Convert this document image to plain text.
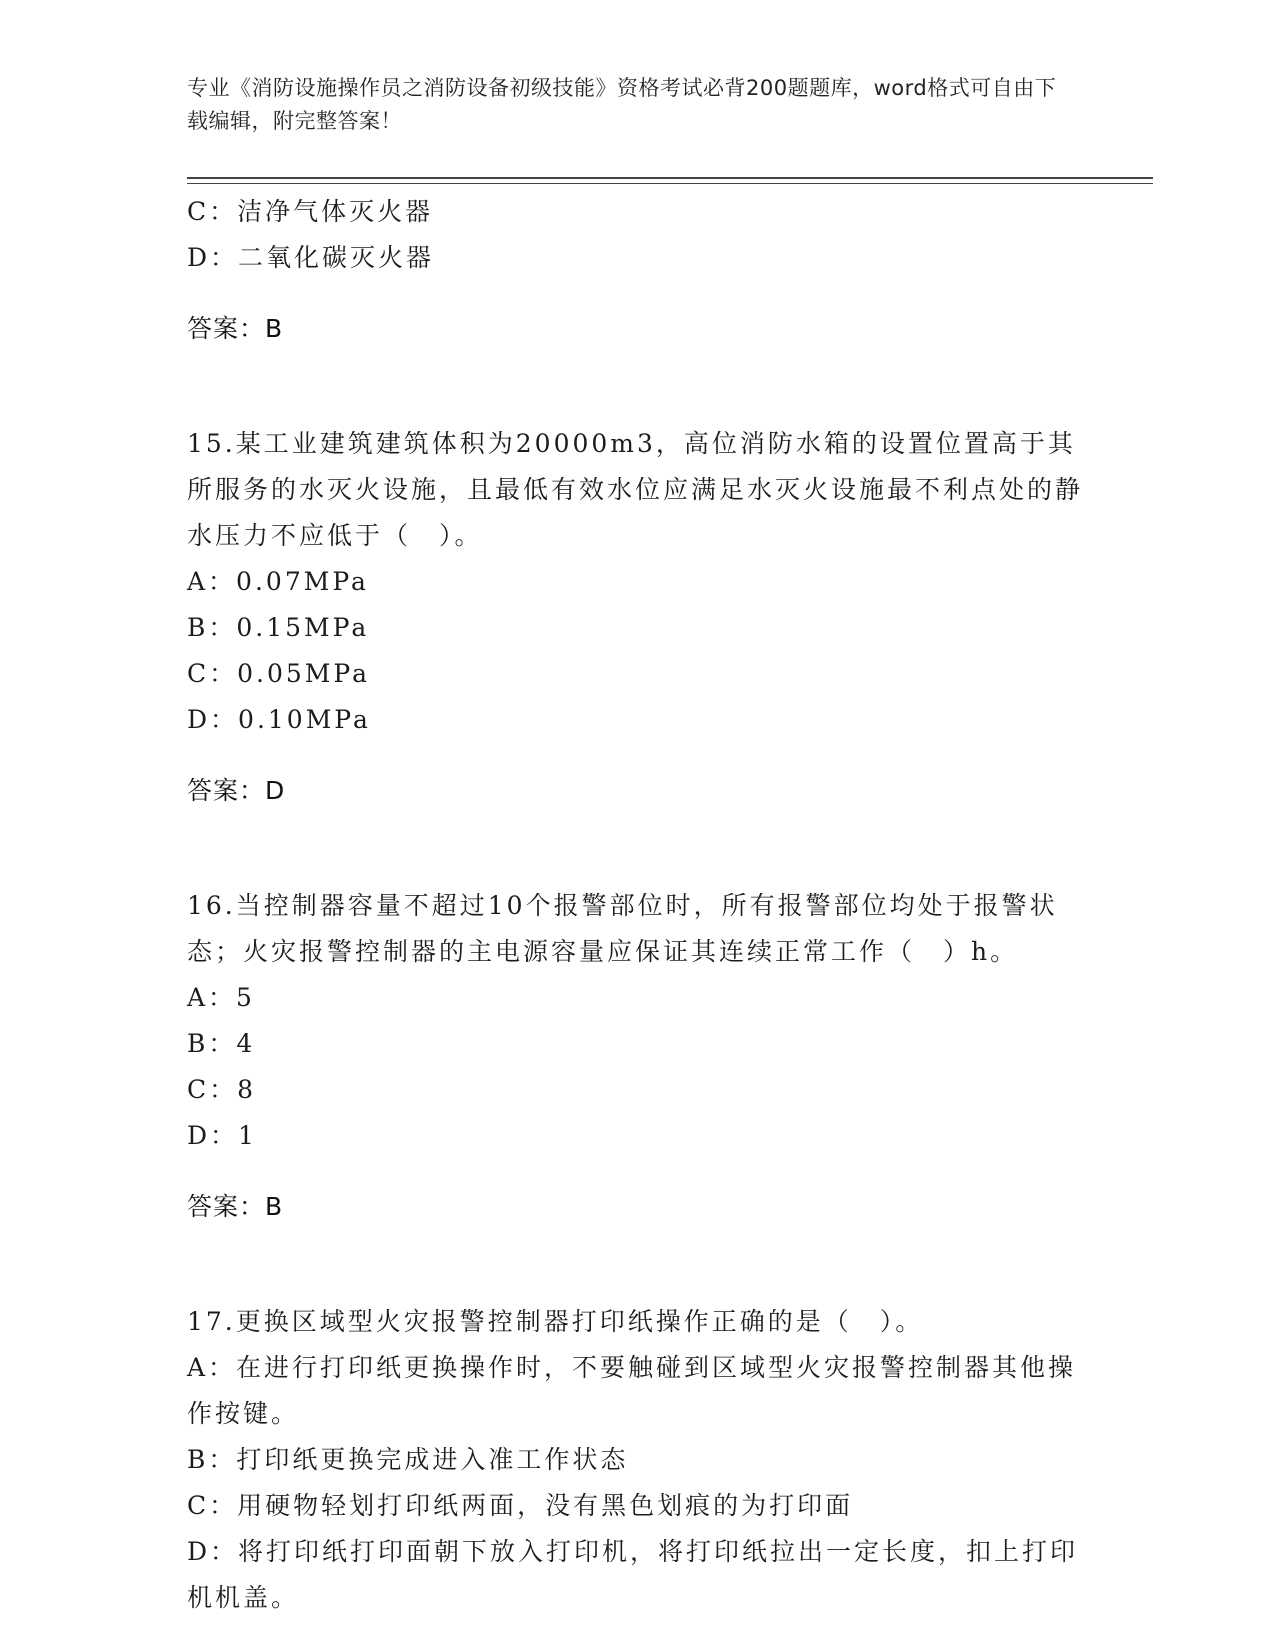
专业《消防设施操作员之消防设备初级技能》资格考试必背200题题库，word格式可自由下载编辑，附完整答案！

C：洁净气体灭火器

D：二氧化碳灭火器

答案：B

15.某工业建筑建筑体积为20000m3，高位消防水箱的设置位置高于其所服务的水灭火设施，且最低有效水位应满足水灭火设施最不利点处的静水压力不应低于（　）。

A：0.07MPa

B：0.15MPa

C：0.05MPa

D：0.10MPa

答案：D

16.当控制器容量不超过10个报警部位时，所有报警部位均处于报警状态；火灾报警控制器的主电源容量应保证其连续正常工作（　）h。

A：5

B：4

C：8

D：1

答案：B

17.更换区域型火灾报警控制器打印纸操作正确的是（　）。

A：在进行打印纸更换操作时，不要触碰到区域型火灾报警控制器其他操作按键。

B：打印纸更换完成进入准工作状态

C：用硬物轻划打印纸两面，没有黑色划痕的为打印面

D：将打印纸打印面朝下放入打印机，将打印纸拉出一定长度，扣上打印机机盖。
